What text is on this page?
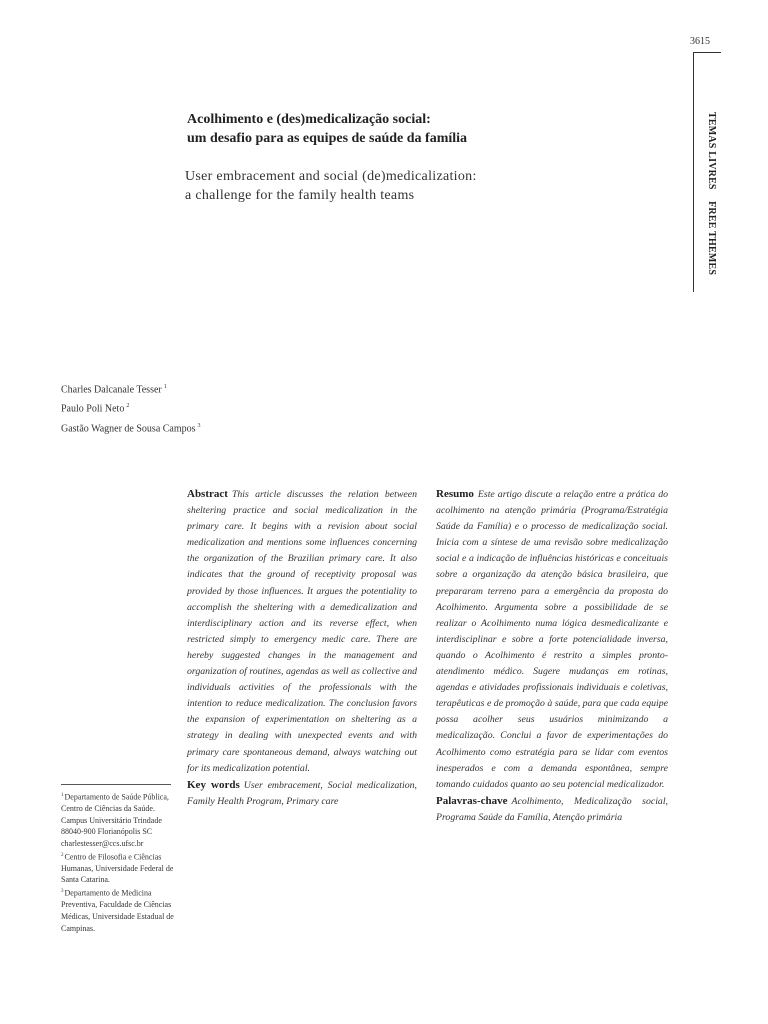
3615
TEMAS LIVRES  FREE THEMES
Acolhimento e (des)medicalização social:
um desafio para as equipes de saúde da família
User embracement and social (de)medicalization:
a challenge for the family health teams
Charles Dalcanale Tesser $^1$
Paulo Poli Neto $^2$
Gastão Wagner de Sousa Campos $^3$
Abstract This article discusses the relation between sheltering practice and social medicalization in the primary care. It begins with a revision about social medicalization and mentions some influences concerning the organization of the Brazilian primary care. It also indicates that the ground of receptivity proposal was provided by those influences. It argues the potentiality to accomplish the sheltering with a demedicalization and interdisciplinary action and its reverse effect, when restricted simply to emergency medic care. There are hereby suggested changes in the management and organization of routines, agendas as well as collective and individuals activities of the professionals with the intention to reduce medicalization. The conclusion favors the expansion of experimentation on sheltering as a strategy in dealing with unexpected events and with primary care spontaneous demand, always watching out for its medicalization potential.
Key words User embracement, Social medicalization, Family Health Program, Primary care
Resumo Este artigo discute a relação entre a prática do acolhimento na atenção primária (Programa/Estratégia Saúde da Família) e o processo de medicalização social. Inicia com a síntese de uma revisão sobre medicalização social e a indicação de influências históricas e conceituais sobre a organização da atenção básica brasileira, que prepararam terreno para a emergência da proposta do Acolhimento. Argumenta sobre a possibilidade de se realizar o Acolhimento numa lógica desmedicalizante e interdisciplinar e sobre a forte potencialidade inversa, quando o Acolhimento é restrito a simples pronto-atendimento médico. Sugere mudanças em rotinas, agendas e atividades profissionais individuais e coletivas, terapêuticas e de promoção à saúde, para que cada equipe possa acolher seus usuários minimizando a medicalização. Conclui a favor de experimentações do Acolhimento como estratégia para se lidar com eventos inesperados e com a demanda espontânea, sempre tomando cuidados quanto ao seu potencial medicalizador.
Palavras-chave Acolhimento, Medicalização social, Programa Saúde da Família, Atenção primária

$^1$Departamento de Saúde Pública, Centro de Ciências da Saúde. Campus Universitário Trindade 88040-900 Florianópolis SC charlestesser@ccs.ufsc.br

$^2$Centro de Filosofia e Ciências Humanas, Universidade Federal de Santa Catarina.

$^3$Departamento de Medicina Preventiva, Faculdade de Ciências Médicas, Universidade Estadual de Campinas.
